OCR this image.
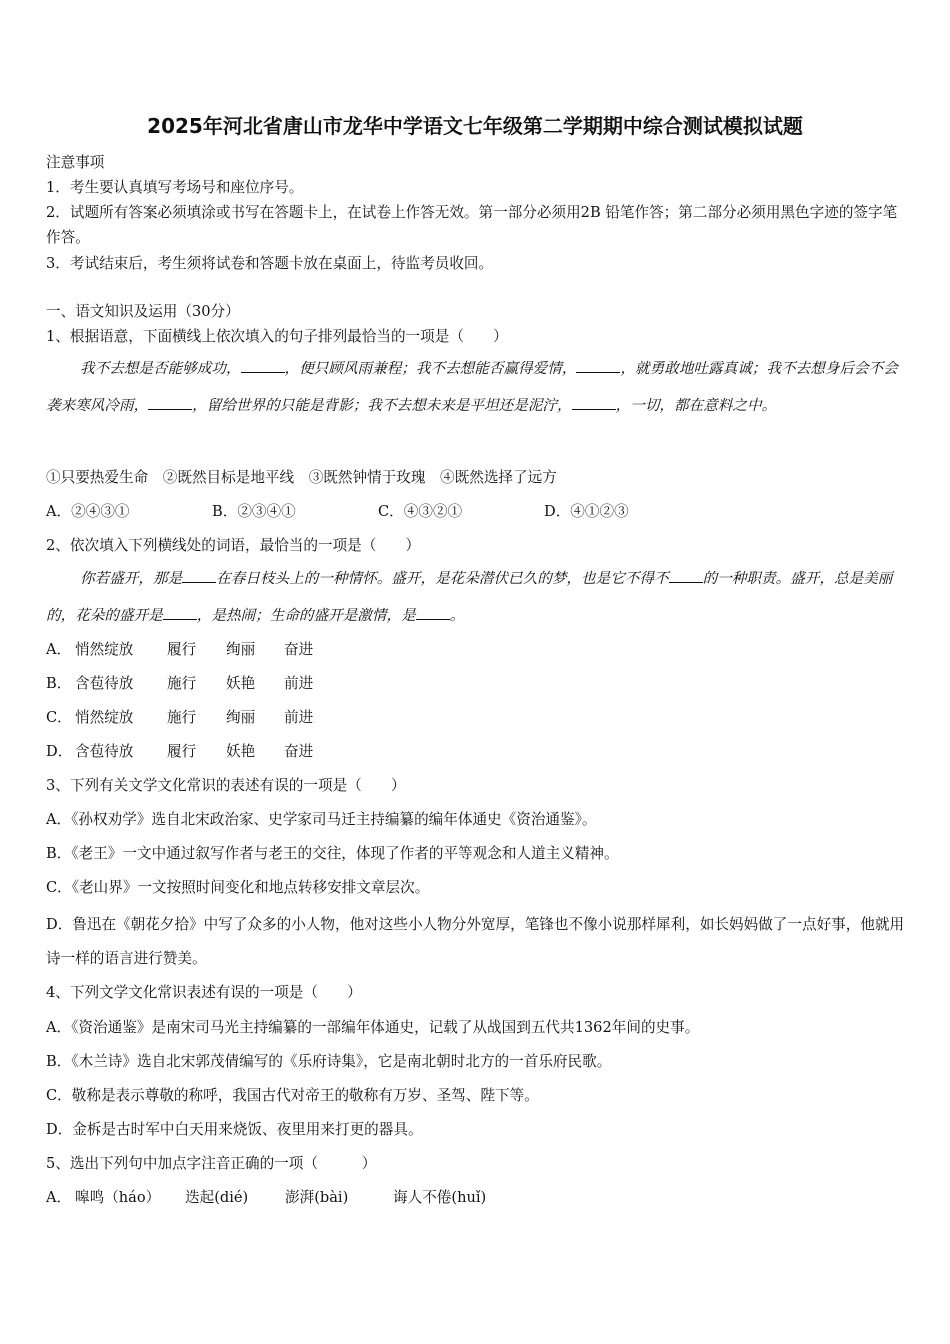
2025年河北省唐山市龙华中学语文七年级第二学期期中综合测试模拟试题
注意事项
1．考生要认真填写考场号和座位序号。
2．试题所有答案必须填涂或书写在答题卡上，在试卷上作答无效。第一部分必须用2B 铅笔作答；第二部分必须用黑色字迹的签字笔作答。
3．考试结束后，考生须将试卷和答题卡放在桌面上，待监考员收回。
一、语文知识及运用（30分）
1、根据语意，下面横线上依次填入的句子排列最恰当的一项是（　　）
我不去想是否能够成功，	，便只顾风雨兼程；我不去想能否赢得爱情，	，就勇敢地吐露真诚；我不去想身后会不会袭来寒风冷雨，	，留给世界的只能是背影；我不去想未来是平坦还是泥泞，	，一切，都在意料之中。
①只要热爱生命　②既然目标是地平线　③既然钟情于玫瑰　④既然选择了远方
A．②④③①	B．②③④①	C．④③②①	D．④①②③
2、依次填入下列横线处的词语，最恰当的一项是（　　）
你若盛开，那是 在春日枝头上的一种情怀。盛开，是花朵潜伏已久的梦，也是它不得不 的一种职责。盛开，总是美丽的，花朵的盛开是 ，是热闹；生命的盛开是激情，是 。
A． 悄然绽放 履行 绚丽 奋进
B． 含苞待放 施行 妖艳 前进
C． 悄然绽放 施行 绚丽 前进
D． 含苞待放 履行 妖艳 奋进
3、下列有关文学文化常识的表述有误的一项是（　　）
A．《孙权劝学》选自北宋政治家、史学家司马迁主持编纂的编年体通史《资治通鉴》。
B．《老王》一文中通过叙写作者与老王的交往，体现了作者的平等观念和人道主义精神。
C．《老山界》一文按照时间变化和地点转移安排文章层次。
D．鲁迅在《朝花夕拾》中写了众多的小人物，他对这些小人物分外宽厚，笔锋也不像小说那样犀利，如长妈妈做了一点好事，他就用诗一样的语言进行赞美。
4、下列文学文化常识表述有误的一项是（　　）
A．《资治通鉴》是南宋司马光主持编纂的一部编年体通史，记载了从战国到五代共1362年间的史事。
B．《木兰诗》选自北宋郭茂倩编写的《乐府诗集》，它是南北朝时北方的一首乐府民歌。
C．敬称是表示尊敬的称呼，我国古代对帝王的敬称有万岁、圣驾、陛下等。
D．金柝是古时军中白天用来烧饭、夜里用来打更的器具。
5、选出下列句中加点字注音正确的一项（　　　）
A． 嗥鸣（háo） 迭起(dié)	澎湃(bài)	诲人不倦(huǐ)
